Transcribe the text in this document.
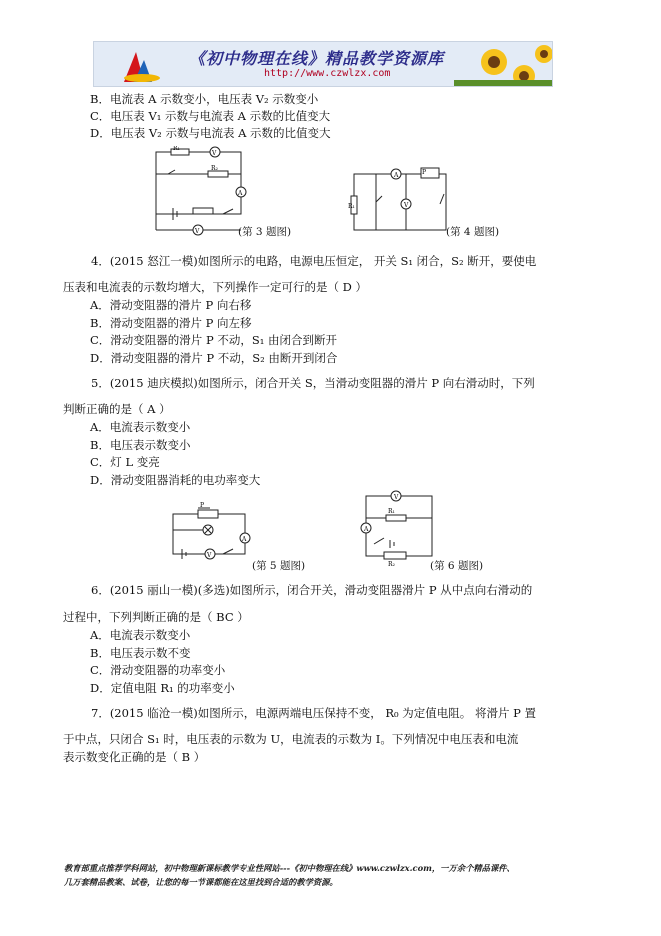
《初中物理在线》精品教学资源库
http://www.czwlzx.com
B．电流表 A 示数变小，电压表 V₂ 示数变小
C．电压表 V₁ 示数与电流表 A 示数的比值变大
D．电压表 V₂ 示数与电流表 A 示数的比值变大
R₁
R₂
V
A
V	(第 3 题图)
A
V
P
R₁
(第 4 题图)
4．(2015 怒江一模)如图所示的电路，电源电压恒定， 开关 S₁ 闭合，S₂ 断开，要使电
压表和电流表的示数均增大，下列操作一定可行的是（ D ）
A．滑动变阻器的滑片 P 向右移
B．滑动变阻器的滑片 P 向左移
C．滑动变阻器的滑片 P 不动，S₁ 由闭合到断开
D．滑动变阻器的滑片 P 不动，S₂ 由断开到闭合
5．(2015 迪庆模拟)如图所示，闭合开关 S，当滑动变阻器的滑片 P 向右滑动时，下列
判断正确的是（ A ）
A．电流表示数变小
B．电压表示数变小
C．灯 L 变亮
D．滑动变阻器消耗的电功率变大
P
A
V
(第 5 题图)
V
A
R₁
R₂	(第 6 题图)
6．(2015 丽山一模)(多选)如图所示，闭合开关，滑动变阻器滑片 P 从中点向右滑动的
过程中，下列判断正确的是（ BC ）
A．电流表示数变小
B．电压表示数不变
C．滑动变阻器的功率变小
D．定值电阻 R₁ 的功率变小
7．(2015 临沧一模)如图所示，电源两端电压保持不变， R₀ 为定值电阻。 将滑片 P 置
于中点，只闭合 S₁ 时，电压表的示数为 U，电流表的示数为 I。下列情况中电压表和电流
表示数变化正确的是（ B ）
教育部重点推荐学科网站，初中物理新课标教学专业性网站---《初中物理在线》www.czwlzx.com，一万余个精品课件、
几万套精品教案、试卷，让您的每一节课都能在这里找到合适的教学资源。
